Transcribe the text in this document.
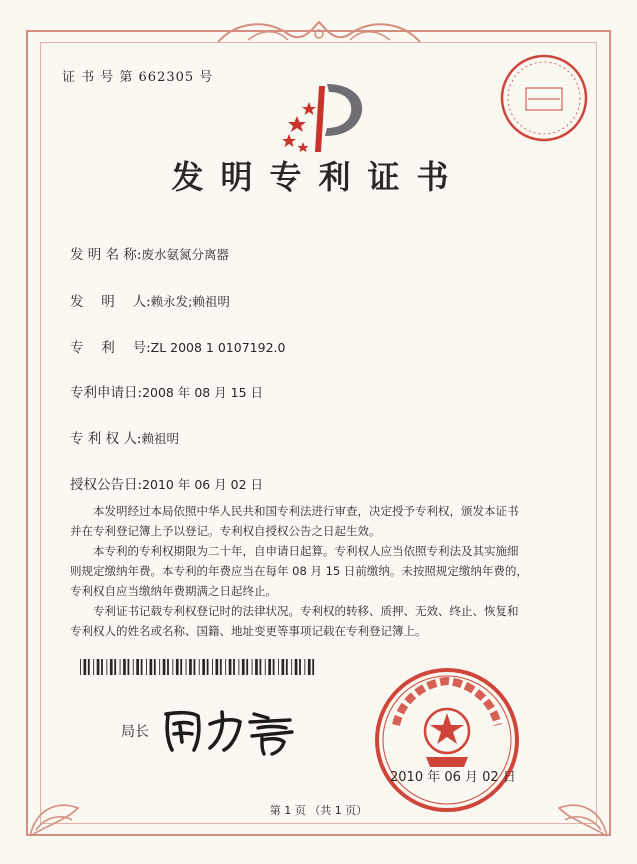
证 书 号 第 662305 号
发明专利证书
发 明 名 称:废水氨氮分离器
发　 明　 人:赖永发;赖祖明
专　 利　 号:ZL 2008 1 0107192.0
专利申请日:2008 年 08 月 15 日
专 利 权 人:赖祖明
授权公告日:2010 年 06 月 02 日
　　本发明经过本局依照中华人民共和国专利法进行审查，决定授予专利权，颁发本证书
并在专利登记簿上予以登记。专利权自授权公告之日起生效。
　　本专利的专利权期限为二十年，自申请日起算。专利权人应当依照专利法及其实施细
则规定缴纳年费。本专利的年费应当在每年 08 月 15 日前缴纳。未按照规定缴纳年费的，
专利权自应当缴纳年费期满之日起终止。
　　专利证书记载专利权登记时的法律状况。专利权的转移、质押、无效、终止、恢复和
专利权人的姓名或名称、国籍、地址变更等事项记载在专利登记簿上。
局长
2010 年 06 月 02 日
第 1 页 （共 1 页）
